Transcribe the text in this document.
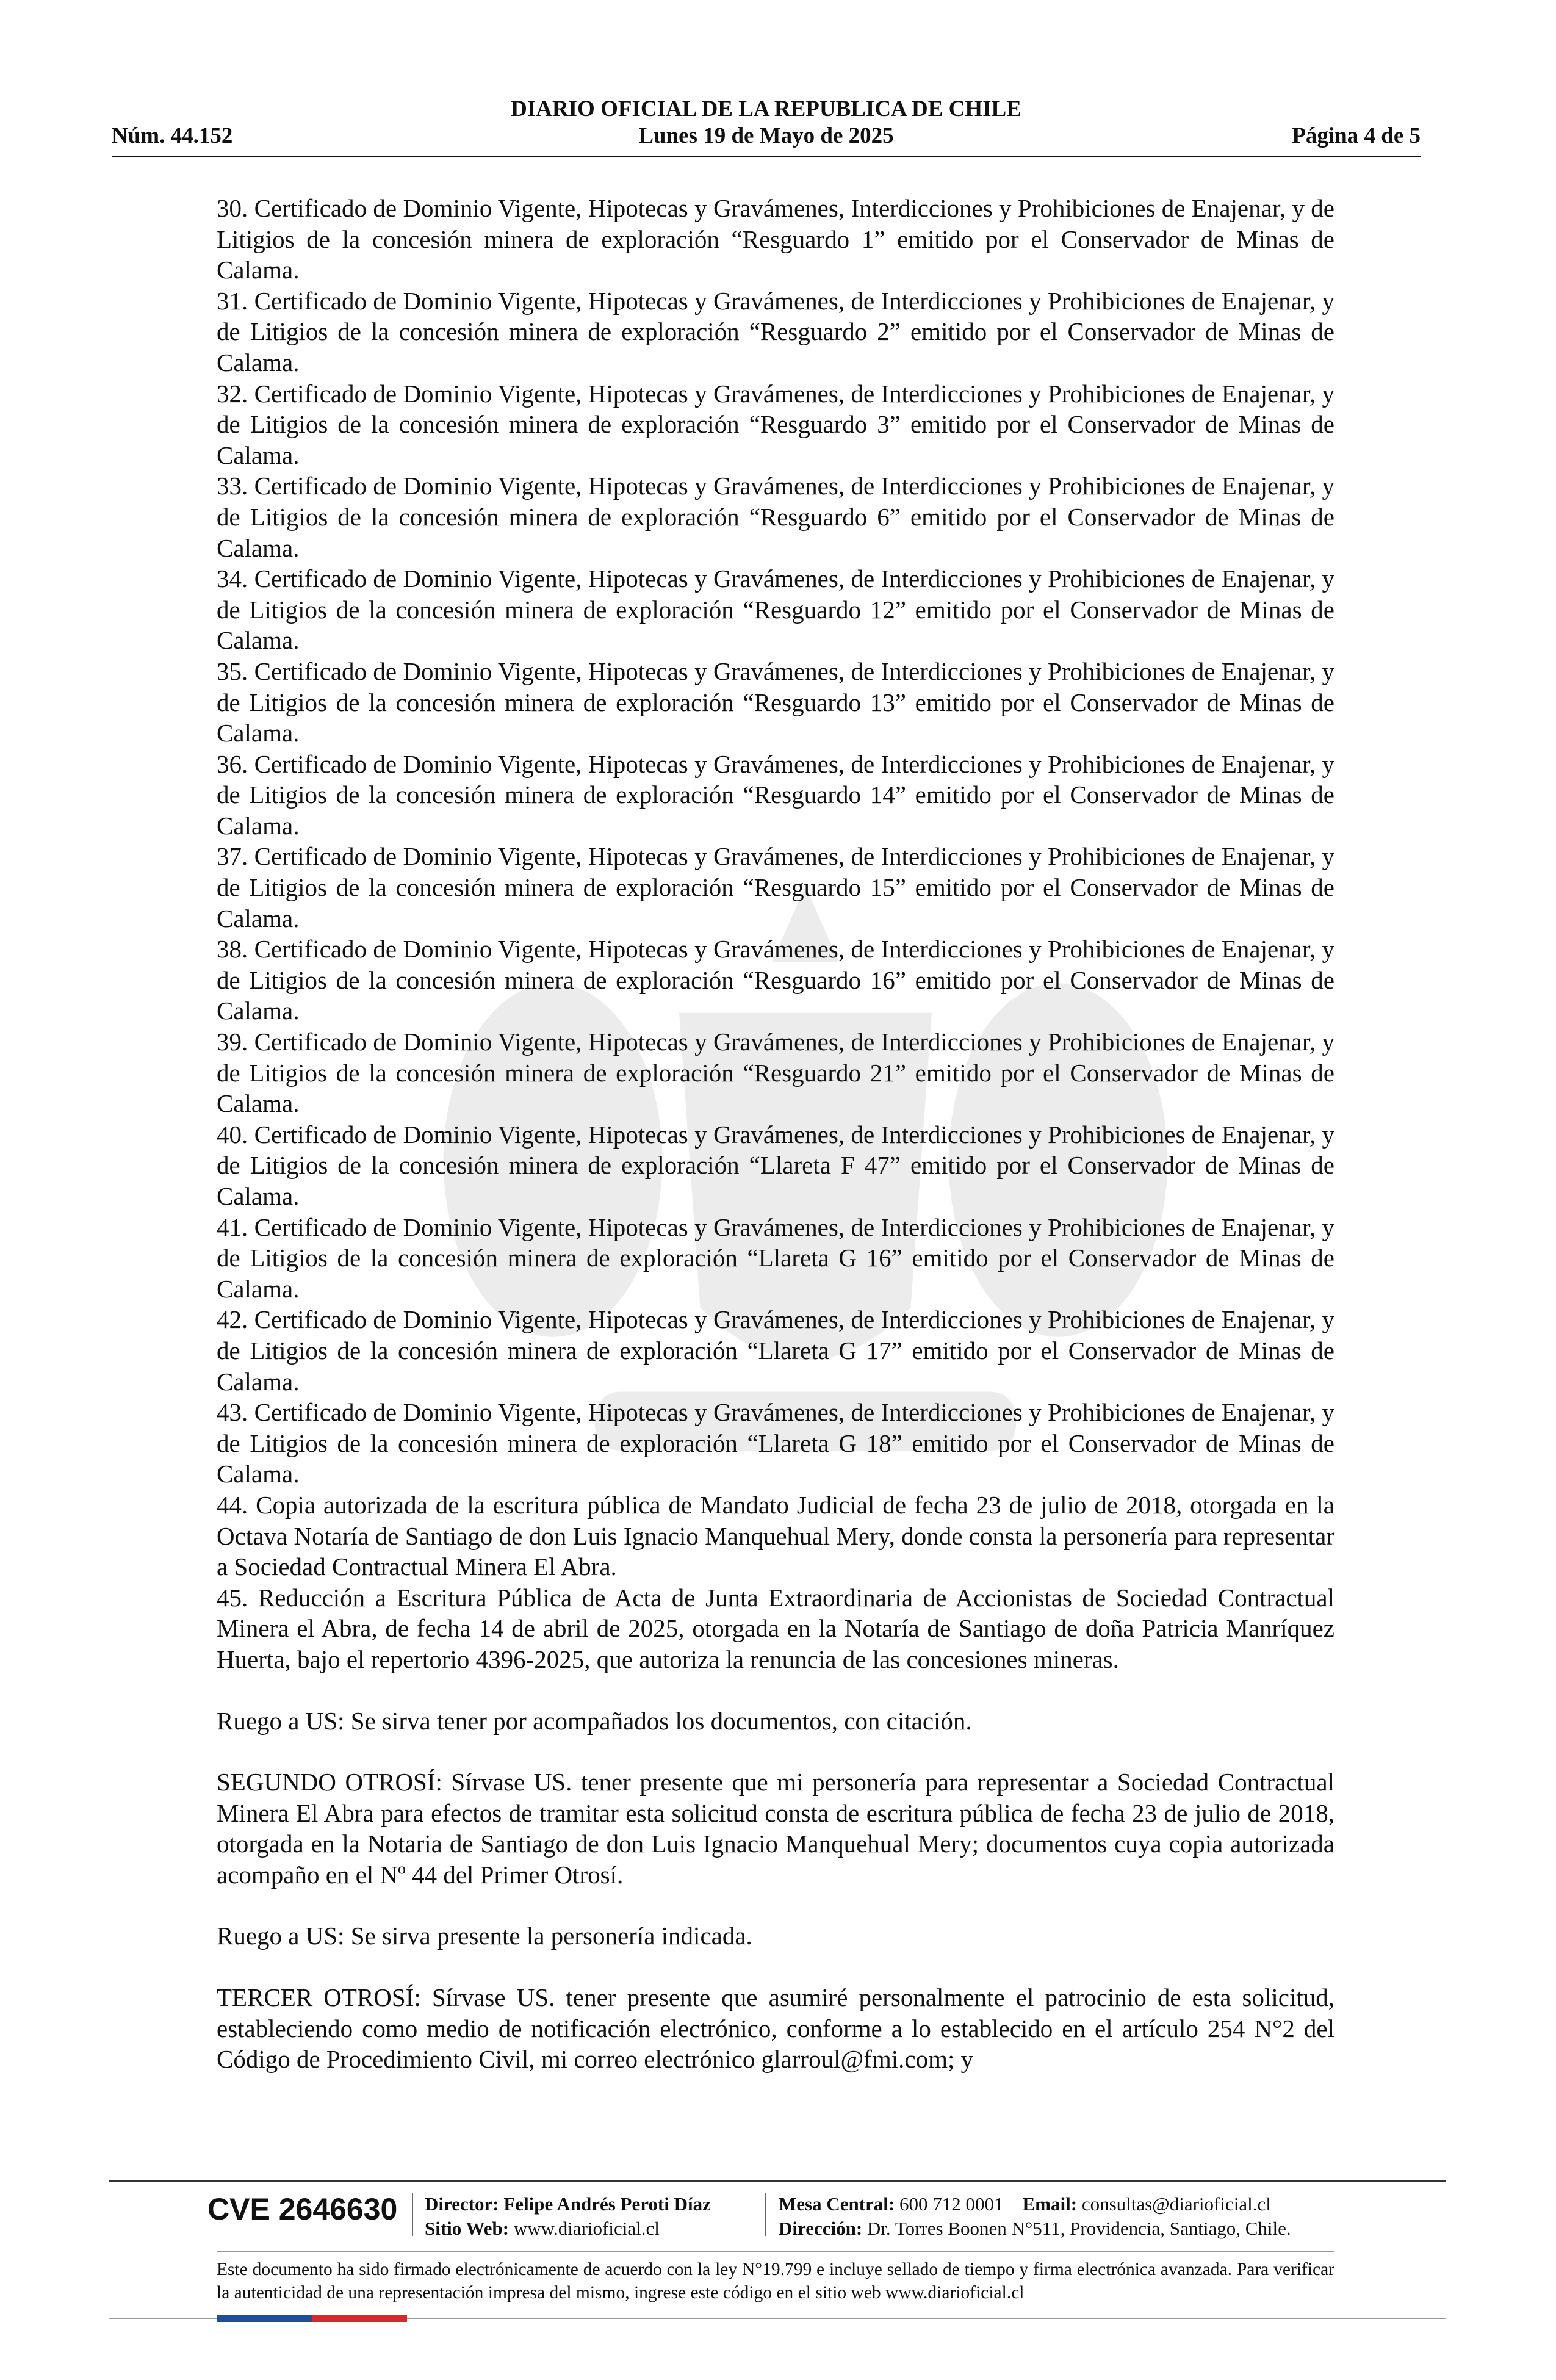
DIARIO OFICIAL DE LA REPUBLICA DE CHILE
Núm. 44.152	Lunes 19 de Mayo de 2025	Página 4 de 5

30. Certificado de Dominio Vigente, Hipotecas y Gravámenes, Interdicciones y Prohibiciones de Enajenar, y de Litigios de la concesión minera de exploración “Resguardo 1” emitido por el Conservador de Minas de Calama.

31. Certificado de Dominio Vigente, Hipotecas y Gravámenes, de Interdicciones y Prohibiciones de Enajenar, y de Litigios de la concesión minera de exploración “Resguardo 2” emitido por el Conservador de Minas de Calama.

32. Certificado de Dominio Vigente, Hipotecas y Gravámenes, de Interdicciones y Prohibiciones de Enajenar, y de Litigios de la concesión minera de exploración “Resguardo 3” emitido por el Conservador de Minas de Calama.

33. Certificado de Dominio Vigente, Hipotecas y Gravámenes, de Interdicciones y Prohibiciones de Enajenar, y de Litigios de la concesión minera de exploración “Resguardo 6” emitido por el Conservador de Minas de Calama.

34. Certificado de Dominio Vigente, Hipotecas y Gravámenes, de Interdicciones y Prohibiciones de Enajenar, y de Litigios de la concesión minera de exploración “Resguardo 12” emitido por el Conservador de Minas de Calama.

35. Certificado de Dominio Vigente, Hipotecas y Gravámenes, de Interdicciones y Prohibiciones de Enajenar, y de Litigios de la concesión minera de exploración “Resguardo 13” emitido por el Conservador de Minas de Calama.

36. Certificado de Dominio Vigente, Hipotecas y Gravámenes, de Interdicciones y Prohibiciones de Enajenar, y de Litigios de la concesión minera de exploración “Resguardo 14” emitido por el Conservador de Minas de Calama.

37. Certificado de Dominio Vigente, Hipotecas y Gravámenes, de Interdicciones y Prohibiciones de Enajenar, y de Litigios de la concesión minera de exploración “Resguardo 15” emitido por el Conservador de Minas de Calama.

38. Certificado de Dominio Vigente, Hipotecas y Gravámenes, de Interdicciones y Prohibiciones de Enajenar, y de Litigios de la concesión minera de exploración “Resguardo 16” emitido por el Conservador de Minas de Calama.

39. Certificado de Dominio Vigente, Hipotecas y Gravámenes, de Interdicciones y Prohibiciones de Enajenar, y de Litigios de la concesión minera de exploración “Resguardo 21” emitido por el Conservador de Minas de Calama.

40. Certificado de Dominio Vigente, Hipotecas y Gravámenes, de Interdicciones y Prohibiciones de Enajenar, y de Litigios de la concesión minera de exploración “Llareta F 47” emitido por el Conservador de Minas de Calama.

41. Certificado de Dominio Vigente, Hipotecas y Gravámenes, de Interdicciones y Prohibiciones de Enajenar, y de Litigios de la concesión minera de exploración “Llareta G 16” emitido por el Conservador de Minas de Calama.

42. Certificado de Dominio Vigente, Hipotecas y Gravámenes, de Interdicciones y Prohibiciones de Enajenar, y de Litigios de la concesión minera de exploración “Llareta G 17” emitido por el Conservador de Minas de Calama.

43. Certificado de Dominio Vigente, Hipotecas y Gravámenes, de Interdicciones y Prohibiciones de Enajenar, y de Litigios de la concesión minera de exploración “Llareta G 18” emitido por el Conservador de Minas de Calama.

44. Copia autorizada de la escritura pública de Mandato Judicial de fecha 23 de julio de 2018, otorgada en la Octava Notaría de Santiago de don Luis Ignacio Manquehual Mery, donde consta la personería para representar a Sociedad Contractual Minera El Abra.

45. Reducción a Escritura Pública de Acta de Junta Extraordinaria de Accionistas de Sociedad Contractual Minera el Abra, de fecha 14 de abril de 2025, otorgada en la Notaría de Santiago de doña Patricia Manríquez Huerta, bajo el repertorio 4396-2025, que autoriza la renuncia de las concesiones mineras.

Ruego a US: Se sirva tener por acompañados los documentos, con citación.

SEGUNDO OTROSÍ: Sírvase US. tener presente que mi personería para representar a Sociedad Contractual Minera El Abra para efectos de tramitar esta solicitud consta de escritura pública de fecha 23 de julio de 2018, otorgada en la Notaria de Santiago de don Luis Ignacio Manquehual Mery; documentos cuya copia autorizada acompaño en el Nº 44 del Primer Otrosí.

Ruego a US: Se sirva presente la personería indicada.

TERCER OTROSÍ: Sírvase US. tener presente que asumiré personalmente el patrocinio de esta solicitud, estableciendo como medio de notificación electrónico, conforme a lo establecido en el artículo 254 N°2 del Código de Procedimiento Civil, mi correo electrónico glarroul@fmi.com; y

CVE 2646630 Director: Felipe Andrés Peroti Díaz
Sitio Web: www.diarioficial.cl
Mesa Central: 600 712 0001 Email: consultas@diarioficial.cl
Dirección: Dr. Torres Boonen N°511, Providencia, Santiago, Chile.

Este documento ha sido firmado electrónicamente de acuerdo con la ley N°19.799 e incluye sellado de tiempo y firma electrónica avanzada. Para verificar la autenticidad de una representación impresa del mismo, ingrese este código en el sitio web www.diarioficial.cl
